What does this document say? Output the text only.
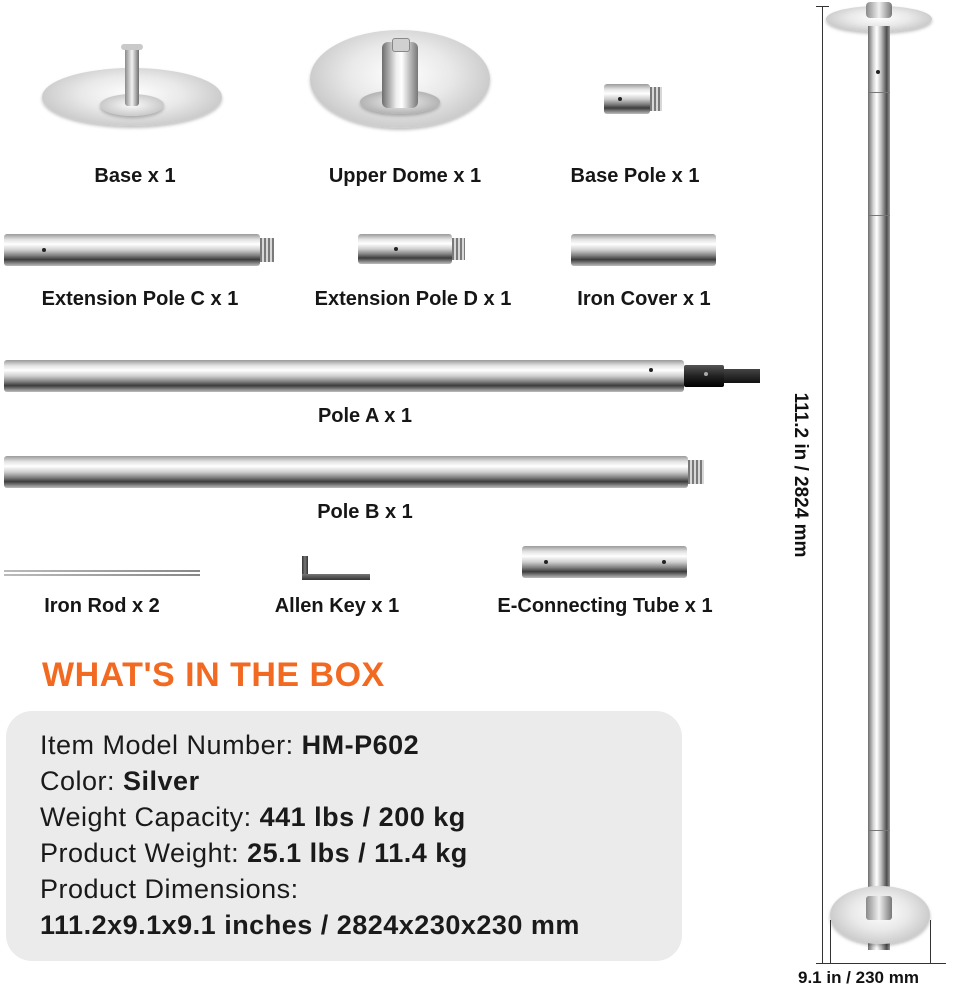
Base x 1	Upper Dome x 1	Base Pole x 1
Extension Pole C x 1	Extension Pole D x 1	Iron Cover x 1
Pole A x 1
Pole B x 1
Iron Rod x 2	Allen Key x 1	E-Connecting Tube x 1
WHAT'S IN THE BOX
Item Model Number: HM-P602
Color: Silver
Weight Capacity: 441 lbs / 200 kg
Product Weight: 25.1 lbs / 11.4 kg
Product Dimensions:
111.2x9.1x9.1 inches / 2824x230x230 mm
111.2 in / 2824 mm
9.1 in / 230 mm
